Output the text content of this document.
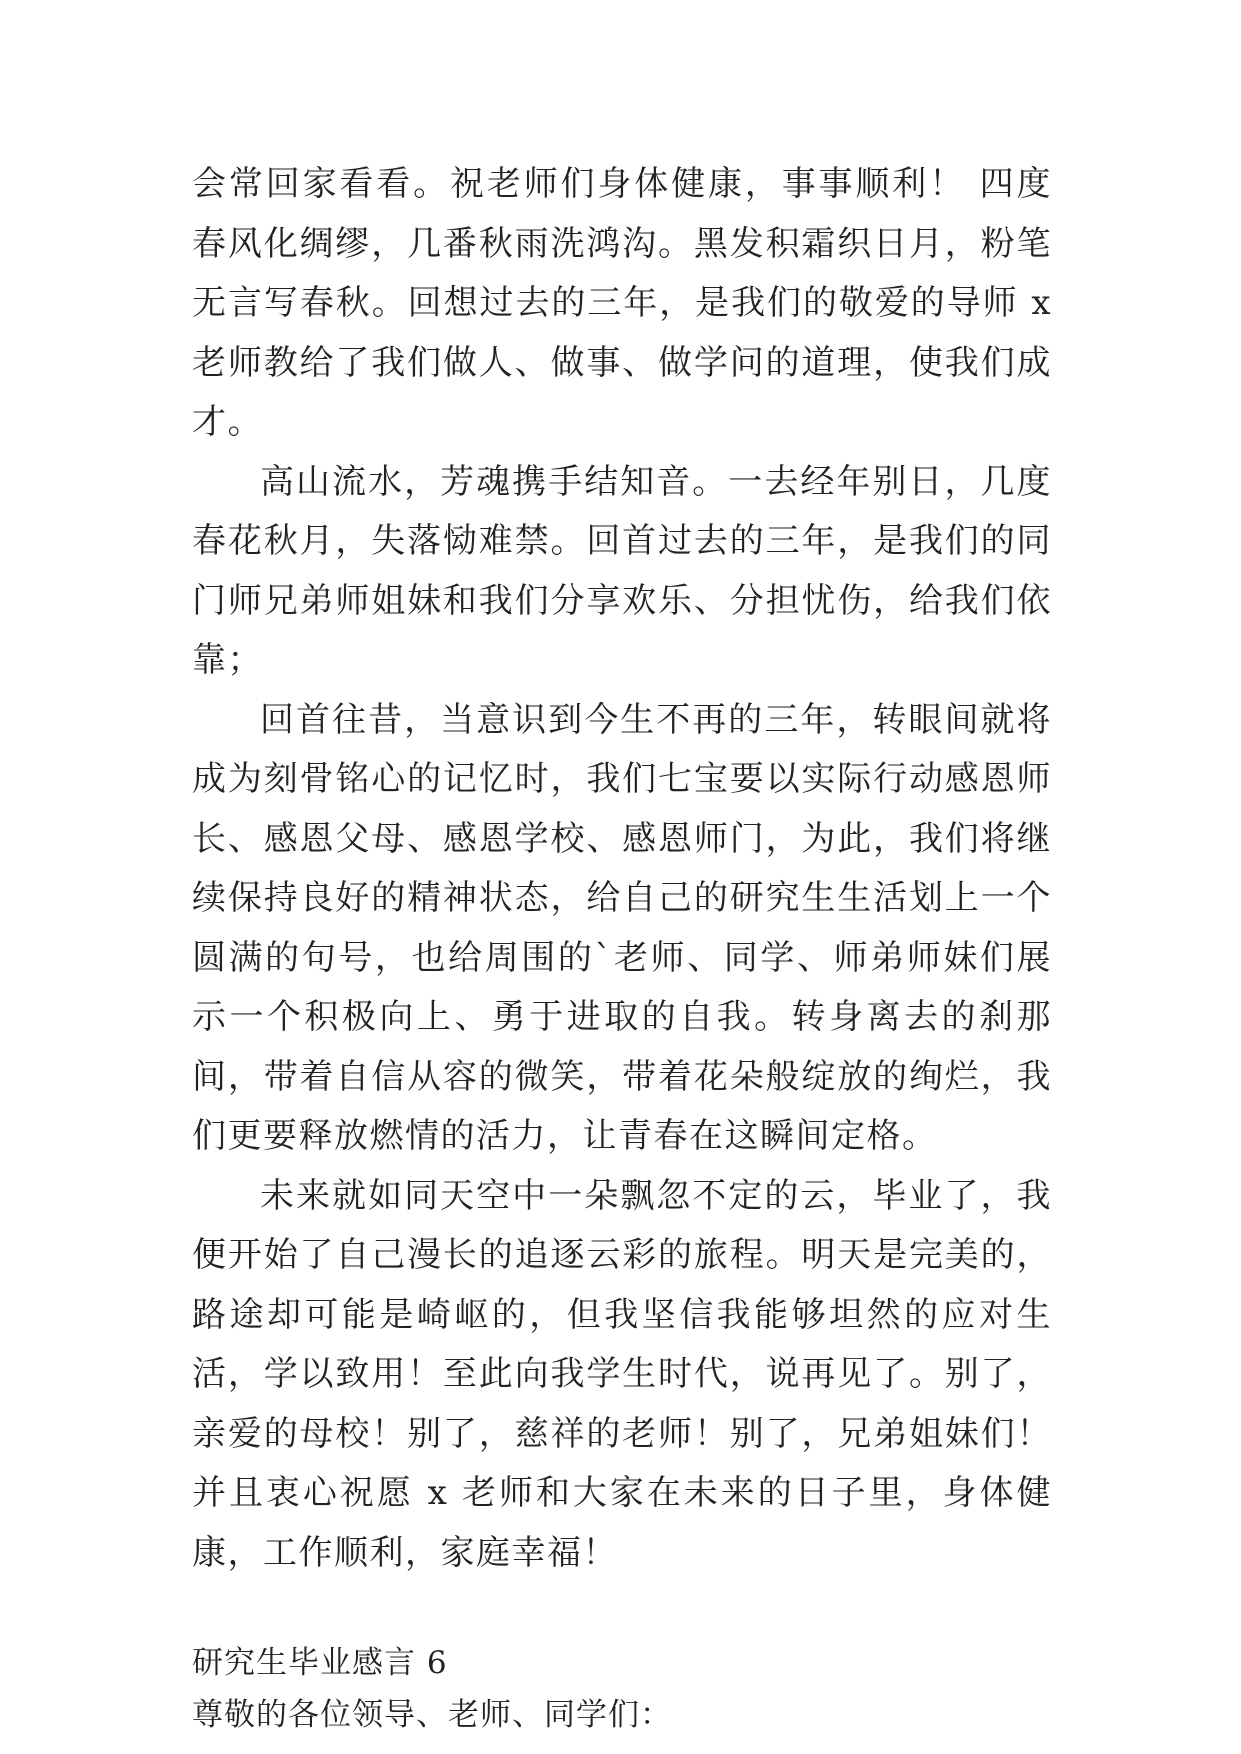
会常回家看看。祝老师们身体健康，事事顺利！ 四度春风化绸缪，几番秋雨洗鸿沟。黑发积霜织日月，粉笔无言写春秋。回想过去的三年，是我们的敬爱的导师 x 老师教给了我们做人、做事、做学问的道理，使我们成才。

高山流水，芳魂携手结知音。一去经年别日，几度春花秋月，失落恸难禁。回首过去的三年，是我们的同门师兄弟师姐妹和我们分享欢乐、分担忧伤，给我们依靠；

回首往昔，当意识到今生不再的三年，转眼间就将成为刻骨铭心的记忆时，我们七宝要以实际行动感恩师长、感恩父母、感恩学校、感恩师门，为此，我们将继续保持良好的精神状态，给自己的研究生生活划上一个圆满的句号，也给周围的`老师、同学、师弟师妹们展示一个积极向上、勇于进取的自我。转身离去的刹那间，带着自信从容的微笑，带着花朵般绽放的绚烂，我们更要释放燃情的活力，让青春在这瞬间定格。

未来就如同天空中一朵飘忽不定的云，毕业了，我便开始了自己漫长的追逐云彩的旅程。明天是完美的，路途却可能是崎岖的，但我坚信我能够坦然的应对生活，学以致用！至此向我学生时代，说再见了。别了，亲爱的母校！别了，慈祥的老师！别了，兄弟姐妹们！并且衷心祝愿 x 老师和大家在未来的日子里，身体健康，工作顺利，家庭幸福！

研究生毕业感言 6

尊敬的各位领导、老师、同学们：
